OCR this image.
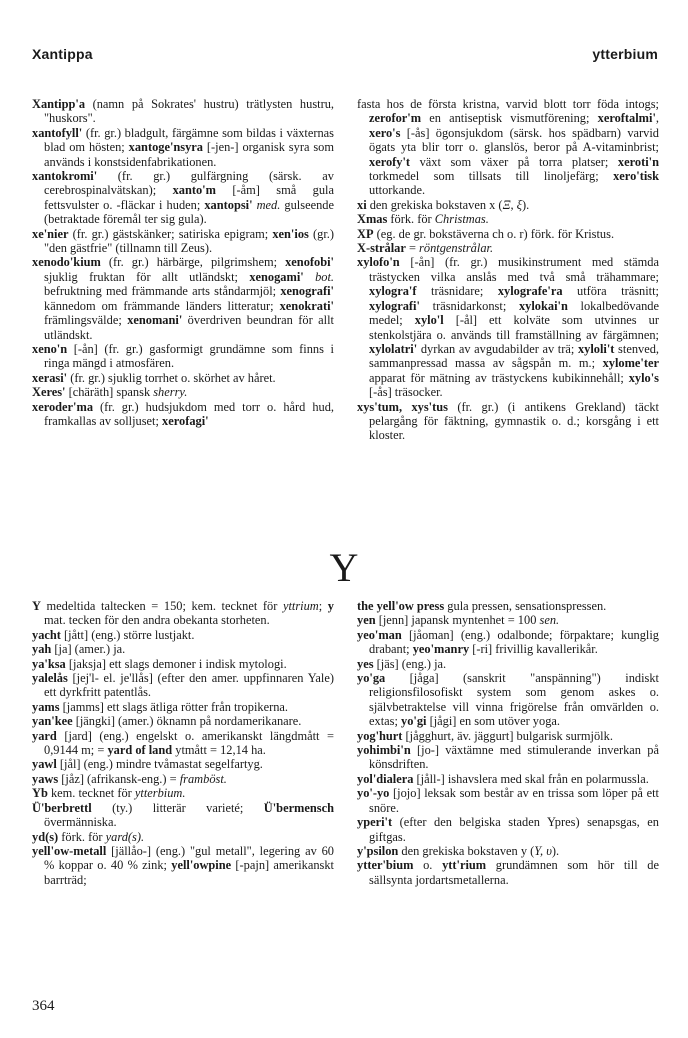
Xantippa	ytterbium

Xantipp'a (namn på Sokrates' hustru) trätlysten hustru, "huskors".

xantofyll' (fr. gr.) bladgult, färgämne som bildas i växternas blad om hösten; xantoge'nsyra [-jen-] organisk syra som används i konstsidenfabrikationen.

xantokromi' (fr. gr.) gulfärgning (särsk. av cerebrospinalvätskan); xanto'm [-åm] små gula fettsvulster o. -fläckar i huden; xantopsi' med. gulseende (betraktade föremål ter sig gula).

xe'nier (fr. gr.) gästskänker; satiriska epigram; xen'ios (gr.) "den gästfrie" (tillnamn till Zeus).

xenodo'kium (fr. gr.) härbärge, pilgrimshem; xenofobi' sjuklig fruktan för allt utländskt; xenogami' bot. befruktning med främmande arts ståndarmjöl; xenografi' kännedom om främmande länders litteratur; xenokrati' främlingsvälde; xenomani' överdriven beundran för allt utländskt.

xeno'n [-ån] (fr. gr.) gasformigt grundämne som finns i ringa mängd i atmosfären.

xerasi' (fr. gr.) sjuklig torrhet o. skörhet av håret.

Xeres' [chäräth] spansk sherry.

xeroder'ma (fr. gr.) hudsjukdom med torr o. hård hud, framkallas av solljuset; xerofagi'

fasta hos de första kristna, varvid blott torr föda intogs; zerofor'm en antiseptisk vismutförening; xeroftalmi', xero's [-ås] ögonsjukdom (särsk. hos spädbarn) varvid ögats yta blir torr o. glanslös, beror på A-vitaminbrist; xerofy't växt som växer på torra platser; xeroti'n torkmedel som tillsats till linoljefärg; xero'tisk uttorkande.

xi den grekiska bokstaven x (Ξ, ξ).

Xmas förk. för Christmas.

XP (eg. de gr. bokstäverna ch o. r) förk. för Kristus.

X-strålar = röntgenstrålar.

xylofo'n [-ån] (fr. gr.) musikinstrument med stämda trästycken vilka anslås med två små trähammare; xylogra'f träsnidare; xylografe'ra utföra träsnitt; xylografi' träsnidarkonst; xylokai'n lokalbedövande medel; xylo'l [-ål] ett kolväte som utvinnes ur stenkolstjära o. används till framställning av färgämnen; xylolatri' dyrkan av avgudabilder av trä; xyloli't stenved, sammanpressad massa av sågspån m. m.; xylome'ter apparat för mätning av trästyckens kubikinnehåll; xylo's [-ås] träsocker.

xys'tum, xys'tus (fr. gr.) (i antikens Grekland) täckt pelargång för fäktning, gymnastik o. d.; korsgång i ett kloster.

Y

Y medeltida taltecken = 150; kem. tecknet för yttrium; y mat. tecken för den andra obekanta storheten.

yacht [jått] (eng.) större lustjakt.

yah [ja] (amer.) ja.

ya'ksa [jaksja] ett slags demoner i indisk mytologi.

yalelås [jej'l- el. je'llås] (efter den amer. uppfinnaren Yale) ett dyrkfritt patentlås.

yams [jamms] ett slags ätliga rötter från tropikerna.

yan'kee [jängki] (amer.) öknamn på nordamerikanare.

yard [jard] (eng.) engelskt o. amerikanskt längdmått = 0,9144 m; = yard of land ytmått = 12,14 ha.

yawl [jål] (eng.) mindre tvåmastat segelfartyg.

yaws [jåz] (afrikansk-eng.) = framböst.

Yb kem. tecknet för ytterbium.

Ü'berbrettl (ty.) litterär varieté; Ü'bermensch övermänniska.

yd(s) förk. för yard(s).

yell'ow-metall [jällåo-] (eng.) "gul metall", legering av 60 % koppar o. 40 % zink; yell'owpine [-pajn] amerikanskt barrträd;

the yell'ow press gula pressen, sensationspressen.

yen [jenn] japansk myntenhet = 100 sen.

yeo'man [jåoman] (eng.) odalbonde; förpaktare; kunglig drabant; yeo'manry [-ri] frivillig kavallerikår.

yes [jäs] (eng.) ja.

yo'ga [jåga] (sanskrit "anspänning") indiskt religionsfilosofiskt system som genom askes o. självbetraktelse vill vinna frigörelse från omvärlden o. extas; yo'gi [jågi] en som utöver yoga.

yog'hurt [jågghurt, äv. jäggurt] bulgarisk surmjölk.

yohimbi'n [jo-] växtämne med stimulerande inverkan på könsdriften.

yol'dialera [jåll-] ishavslera med skal från en polarmussla.

yo'-yo [jojo] leksak som består av en trissa som löper på ett snöre.

yperi't (efter den belgiska staden Ypres) senapsgas, en giftgas.

y'psilon den grekiska bokstaven y (Y, υ).

ytter'bium o. ytt'rium grundämnen som hör till de sällsynta jordartsmetallerna.

364
